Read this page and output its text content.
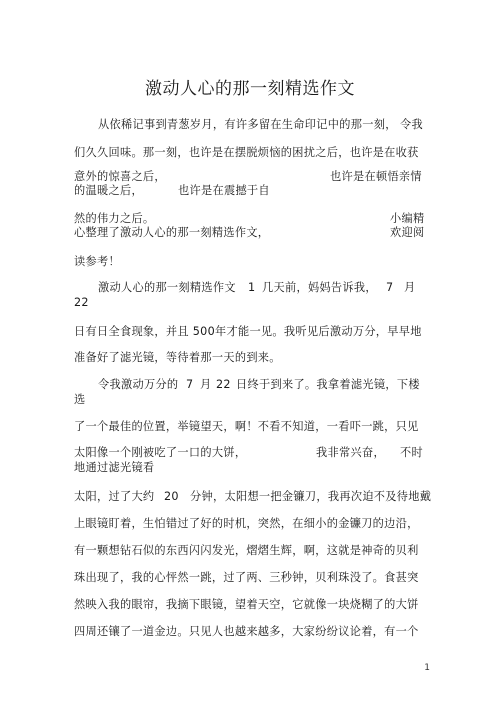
激动人心的那一刻精选作文
从依稀记事到青葱岁月，有许多留在生命印记中的那一刻， 令我
们久久回味。那一刻，也许是在摆脱烦恼的困扰之后，也许是在收获
意外的惊喜之后，	也许是在顿悟亲情
的温暖之后，	也许是在震撼于自
然的伟力之后。	小编精
心整理了激动人心的那一刻精选作文，	欢迎阅
读参考！
激动人心的那一刻精选作文 1 几天前，妈妈告诉我， 7 月
22
日有日全食现象，并且 500年才能一见。我听见后激动万分，早早地
准备好了滤光镜，等待着那一天的到来。
令我激动万分的 7 月 22 日终于到来了。我拿着滤光镜，下楼
选
了一个最佳的位置，举镜望天，啊！不看不知道，一看吓一跳，只见
太阳像一个刚被吃了一口的大饼，	我非常兴奋， 不时
地通过滤光镜看
太阳，过了大约 20 分钟，太阳想一把金镰刀，我再次迫不及待地戴
上眼镜盯着，生怕错过了好的时机，突然，在细小的金镰刀的边沿，
有一颗想钻石似的东西闪闪发光，熠熠生辉，啊，这就是神奇的贝利
珠出现了，我的心怦然一跳，过了两、三秒钟，贝利珠没了。食甚突
然映入我的眼帘，我摘下眼镜，望着天空，它就像一块烧糊了的大饼
四周还镶了一道金边。只见人也越来越多，大家纷纷议论着，有一个
1
